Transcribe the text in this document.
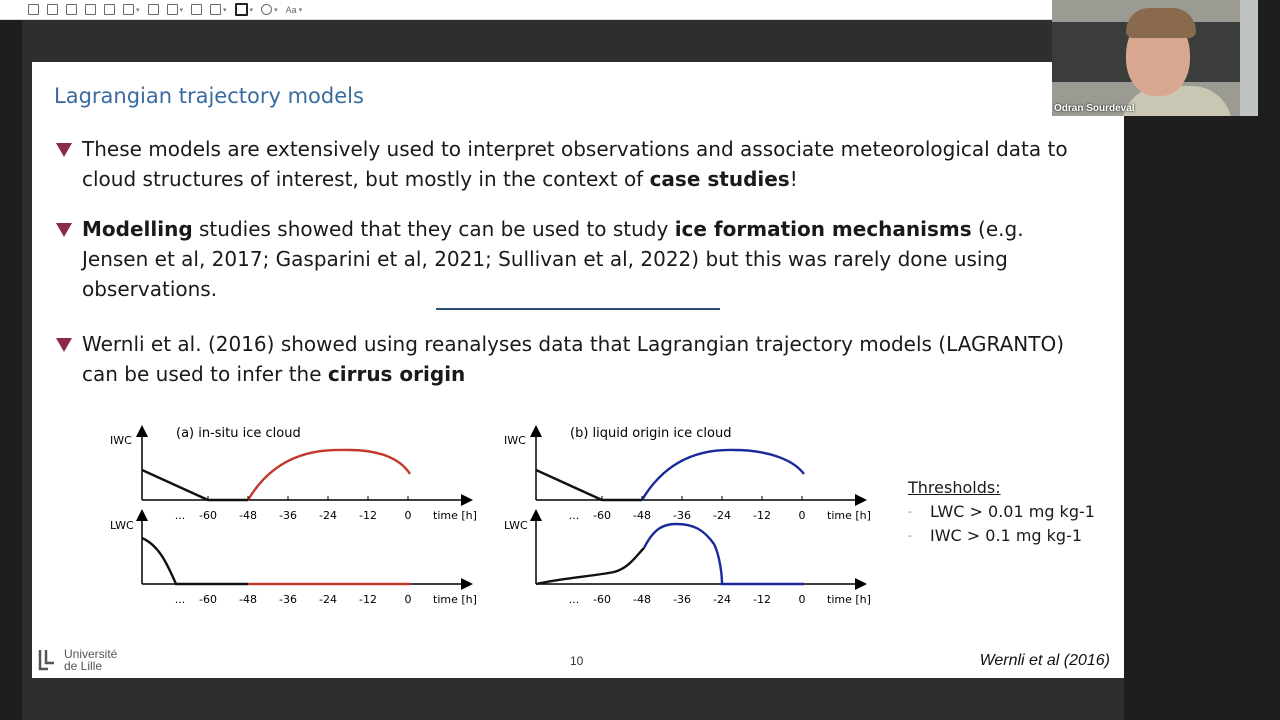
▾	▾	▾	▾	▾ Aa ▾
Lagrangian trajectory models
These models are extensively used to interpret observations and associate meteorological data to cloud structures of interest, but mostly in the context of case studies!
Modelling studies showed that they can be used to study ice formation mechanisms (e.g. Jensen et al, 2017; Gasparini et al, 2021; Sullivan et al, 2022) but this was rarely done using observations.
Wernli et al. (2016) showed using reanalyses data that Lagrangian trajectory models (LAGRANTO) can be used to infer the cirrus origin
(a) in-situ ice cloud
IWC
... -60 -48 -36 -24 -12	0 time [h]
LWC
... -60 -48 -36 -24 -12	0 time [h]
(b) liquid origin ice cloud
IWC
... -60 -48 -36 -24 -12	0 time [h]
LWC
... -60 -48 -36 -24 -12	0 time [h]
Thresholds:
- LWC > 0.01 mg kg-1
- IWC > 0.1 mg kg-1
Université
de Lille	10	Wernli et al (2016)
Odran Sourdeval
